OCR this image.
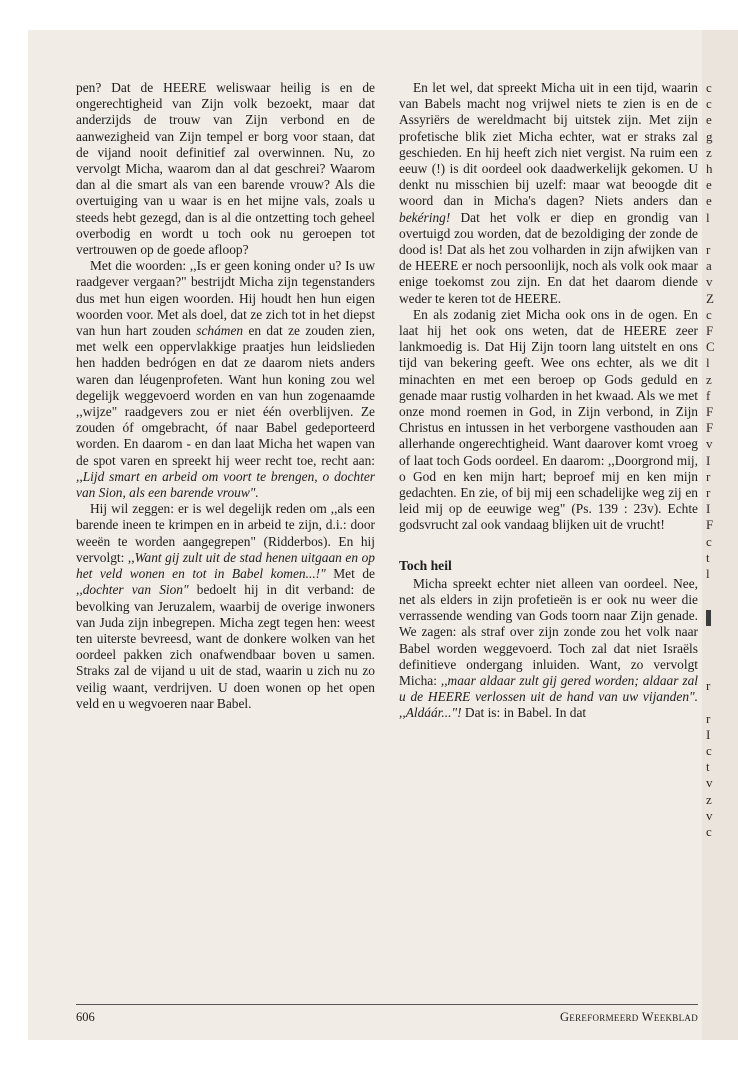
pen? Dat de HEERE weliswaar heilig is en de ongerechtigheid van Zijn volk bezoekt, maar dat anderzijds de trouw van Zijn verbond en de aanwezigheid van Zijn tempel er borg voor staan, dat de vijand nooit definitief zal overwinnen. Nu, zo vervolgt Micha, waarom dan al dat geschrei? Waarom dan al die smart als van een barende vrouw? Als die overtuiging van u waar is en het mijne vals, zoals u steeds hebt gezegd, dan is al die ontzetting toch geheel overbodig en wordt u toch ook nu geroepen tot vertrouwen op de goede afloop?

Met die woorden: ,,Is er geen koning onder u? Is uw raadgever vergaan?" bestrijdt Micha zijn tegenstanders dus met hun eigen woorden. Hij houdt hen hun eigen woorden voor. Met als doel, dat ze zich tot in het diepst van hun hart zouden schámen en dat ze zouden zien, met welk een oppervlakkige praatjes hun leidslieden hen hadden bedrógen en dat ze daarom niets anders waren dan léugenprofeten. Want hun koning zou wel degelijk weggevoerd worden en van hun zogenaamde ,,wijze" raadgevers zou er niet één overblijven. Ze zouden óf omgebracht, óf naar Babel gedeporteerd worden. En daarom - en dan laat Micha het wapen van de spot varen en spreekt hij weer recht toe, recht aan: ,,Lijd smart en arbeid om voort te brengen, o dochter van Sion, als een barende vrouw".

Hij wil zeggen: er is wel degelijk reden om ,,als een barende ineen te krimpen en in arbeid te zijn, d.i.: door weeën te worden aangegrepen" (Ridderbos). En hij vervolgt: ,,Want gij zult uit de stad henen uitgaan en op het veld wonen en tot in Babel komen...!" Met de ,,dochter van Sion" bedoelt hij in dit verband: de bevolking van Jeruzalem, waarbij de overige inwoners van Juda zijn inbegrepen. Micha zegt tegen hen: weest ten uiterste bevreesd, want de donkere wolken van het oordeel pakken zich onafwendbaar boven u samen. Straks zal de vijand u uit de stad, waarin u zich nu zo veilig waant, verdrijven. U doen wonen op het open veld en u wegvoeren naar Babel.

En let wel, dat spreekt Micha uit in een tijd, waarin van Babels macht nog vrijwel niets te zien is en de Assyriërs de wereldmacht bij uitstek zijn. Met zijn profetische blik ziet Micha echter, wat er straks zal geschieden. En hij heeft zich niet vergist. Na ruim een eeuw (!) is dit oordeel ook daadwerkelijk gekomen. U denkt nu misschien bij uzelf: maar wat beoogde dit woord dan in Micha's dagen? Niets anders dan bekéring! Dat het volk er diep en grondig van overtuigd zou worden, dat de bezoldiging der zonde de dood is! Dat als het zou volharden in zijn afwijken van de HEERE er noch persoonlijk, noch als volk ook maar enige toekomst zou zijn. En dat het daarom diende weder te keren tot de HEERE.

En als zodanig ziet Micha ook ons in de ogen. En laat hij het ook ons weten, dat de HEERE zeer lankmoedig is. Dat Hij Zijn toorn lang uitstelt en ons tijd van bekering geeft. Wee ons echter, als we dit minachten en met een beroep op Gods geduld en genade maar rustig volharden in het kwaad. Als we met onze mond roemen in God, in Zijn verbond, in Zijn Christus en intussen in het verborgene vasthouden aan allerhande ongerechtigheid. Want daarover komt vroeg of laat toch Gods oordeel. En daarom: ,,Doorgrond mij, o God en ken mijn hart; beproef mij en ken mijn gedachten. En zie, of bij mij een schadelijke weg zij en leid mij op de eeuwige weg" (Ps. 139 : 23v). Echte godsvrucht zal ook vandaag blijken uit de vrucht!

Toch heil

Micha spreekt echter niet alleen van oordeel. Nee, net als elders in zijn profetieën is er ook nu weer die verrassende wending van Gods toorn naar Zijn genade. We zagen: als straf over zijn zonde zou het volk naar Babel worden weggevoerd. Toch zal dat niet Israëls definitieve ondergang inluiden. Want, zo vervolgt Micha: ,,maar aldaar zult gij gered worden; aldaar zal u de HEERE verlossen uit de hand van uw vijanden". ,,Aldáár..."! Dat is: in Babel. In dat

606	Gereformeerd Weekblad
c
c
e
g
z
h
e
e
l
r
a
v
Z
c
F
C
l
z
f
F
F
v
I
r
r
I
F
c
t
l
r
r
I
c
t
v
z
v
c
